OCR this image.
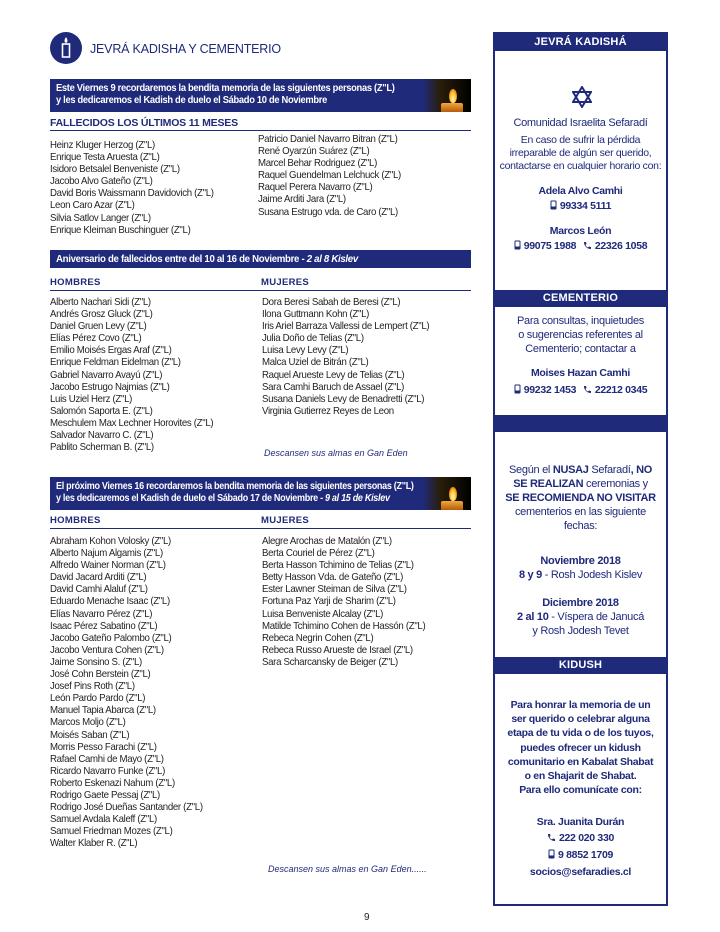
JEVRÁ KADISHA Y CEMENTERIO
Este Viernes 9 recordaremos la bendita memoria de las siguientes personas (Z"L)
y les dedicaremos el Kadish de duelo el Sábado 10 de Noviembre
FALLECIDOS LOS ÚLTIMOS 11 MESES
Heinz Kluger Herzog (Z"L)
Enrique Testa Aruesta (Z"L)
Isidoro Betsalel Benveniste (Z"L)
Jacobo Alvo Gateño (Z"L)
David Boris Waissmann Davidovich (Z"L)
Leon Caro Azar (Z"L)
Silvia Satlov Langer (Z"L)
Enrique Kleiman Buschinguer (Z"L)
Patricio Daniel Navarro Bitran (Z"L)
René Oyarzún Suárez (Z"L)
Marcel Behar Rodriguez (Z"L)
Raquel Guendelman Lelchuck (Z"L)
Raquel Perera Navarro (Z"L)
Jaime Arditi Jara (Z"L)
Susana Estrugo vda. de Caro (Z"L)
Aniversario de fallecidos entre del 10 al 16 de Noviembre - 2 al 8 Kislev
HOMBRES	MUJERES
Alberto Nachari Sidi (Z"L)
Andrés Grosz Gluck (Z"L)
Daniel Gruen Levy (Z"L)
Elías Pérez Covo (Z"L)
Emilio Moisés Ergas Araf (Z"L)
Enrique Feldman Eidelman (Z"L)
Gabriel Navarro Avayú (Z"L)
Jacobo Estrugo Najmias (Z"L)
Luis Uziel Herz (Z"L)
Salomón Saporta E. (Z"L)
Meschulem Max Lechner Horovites (Z"L)
Salvador Navarro C. (Z"L)
Pablito Scherman B. (Z"L)
Dora Beresi Sabah de Beresi (Z"L)
Ilona Guttmann Kohn (Z"L)
Iris Ariel Barraza Vallessi de Lempert (Z"L)
Julia Doño de Telias (Z"L)
Luisa Levy Levy (Z"L)
Malca Uziel de Bitrán (Z"L)
Raquel Arueste Levy de Telias (Z"L)
Sara Camhi Baruch de Assael (Z"L)
Susana Daniels Levy de Benadretti (Z"L)
Virginia Gutierrez Reyes de Leon
Descansen sus almas en Gan Eden
El próximo Viernes 16 recordaremos la bendita memoria de las siguientes personas (Z"L)
y les dedicaremos el Kadish de duelo el Sábado 17 de Noviembre - 9 al 15 de Kislev
HOMBRES	MUJERES
Abraham Kohon Volosky (Z"L)
Alberto Najum Algamis (Z"L)
Alfredo Wainer Norman (Z"L)
David Jacard Arditi (Z"L)
David Camhi Alaluf (Z"L)
Eduardo Menache Isaac (Z"L)
Elías Navarro Pérez (Z"L)
Isaac Pérez Sabatino (Z"L)
Jacobo Gateño Palombo (Z"L)
Jacobo Ventura Cohen (Z"L)
Jaime Sonsino S. (Z"L)
José Cohn Berstein (Z"L)
Josef Pins Roth (Z"L)
León Pardo Pardo (Z"L)
Manuel Tapia Abarca (Z"L)
Marcos Moljo (Z"L)
Moisés Saban (Z"L)
Morris Pesso Farachi (Z"L)
Rafael Camhi de Mayo (Z"L)
Ricardo Navarro Funke (Z"L)
Roberto Eskenazi Nahum (Z"L)
Rodrigo Gaete Pessaj (Z"L)
Rodrigo José Dueñas Santander (Z"L)
Samuel Avdala Kaleff (Z"L)
Samuel Friedman Mozes (Z"L)
Walter Klaber R. (Z"L)
Alegre Arochas de Matalón (Z"L)
Berta Couriel de Pérez (Z"L)
Berta Hasson Tchimino de Telias (Z"L)
Betty Hasson Vda. de Gateño (Z"L)
Ester Lawner Steiman de Silva (Z"L)
Fortuna Paz Yarji de Sharim (Z"L)
Luisa Benveniste Alcalay (Z"L)
Matilde Tchimino Cohen de Hassón (Z"L)
Rebeca Negrin Cohen (Z"L)
Rebeca Russo Arueste de Israel (Z"L)
Sara Scharcansky de Beiger (Z"L)
Descansen sus almas en Gan Eden......
JEVRÁ KADISHÁ
Comunidad Israelita Sefaradí
En caso de sufrir la pérdida
irreparable de algún ser querido,
contactarse en cualquier horario con:
Adela Alvo Camhi
99334 5111
Marcos León
99075 1988 22326 1058
CEMENTERIO
Para consultas, inquietudes
o sugerencias referentes al
Cementerio; contactar a
Moises Hazan Camhi
99232 1453 22212 0345
Según el NUSAJ Sefaradí, NO
SE REALIZAN ceremonias y
SE RECOMIENDA NO VISITAR
cementerios en las siguiente
fechas:
Noviembre 2018
8 y 9 - Rosh Jodesh Kislev
Diciembre 2018
2 al 10 - Víspera de Janucá
y Rosh Jodesh Tevet
KIDUSH
Para honrar la memoria de un
ser querido o celebrar alguna
etapa de tu vida o de los tuyos,
puedes ofrecer un kidush
comunitario en Kabalat Shabat
o en Shajarit de Shabat.
Para ello comunícate con:
Sra. Juanita Durán
222 020 330
9 8852 1709
socios@sefaradies.cl
9
